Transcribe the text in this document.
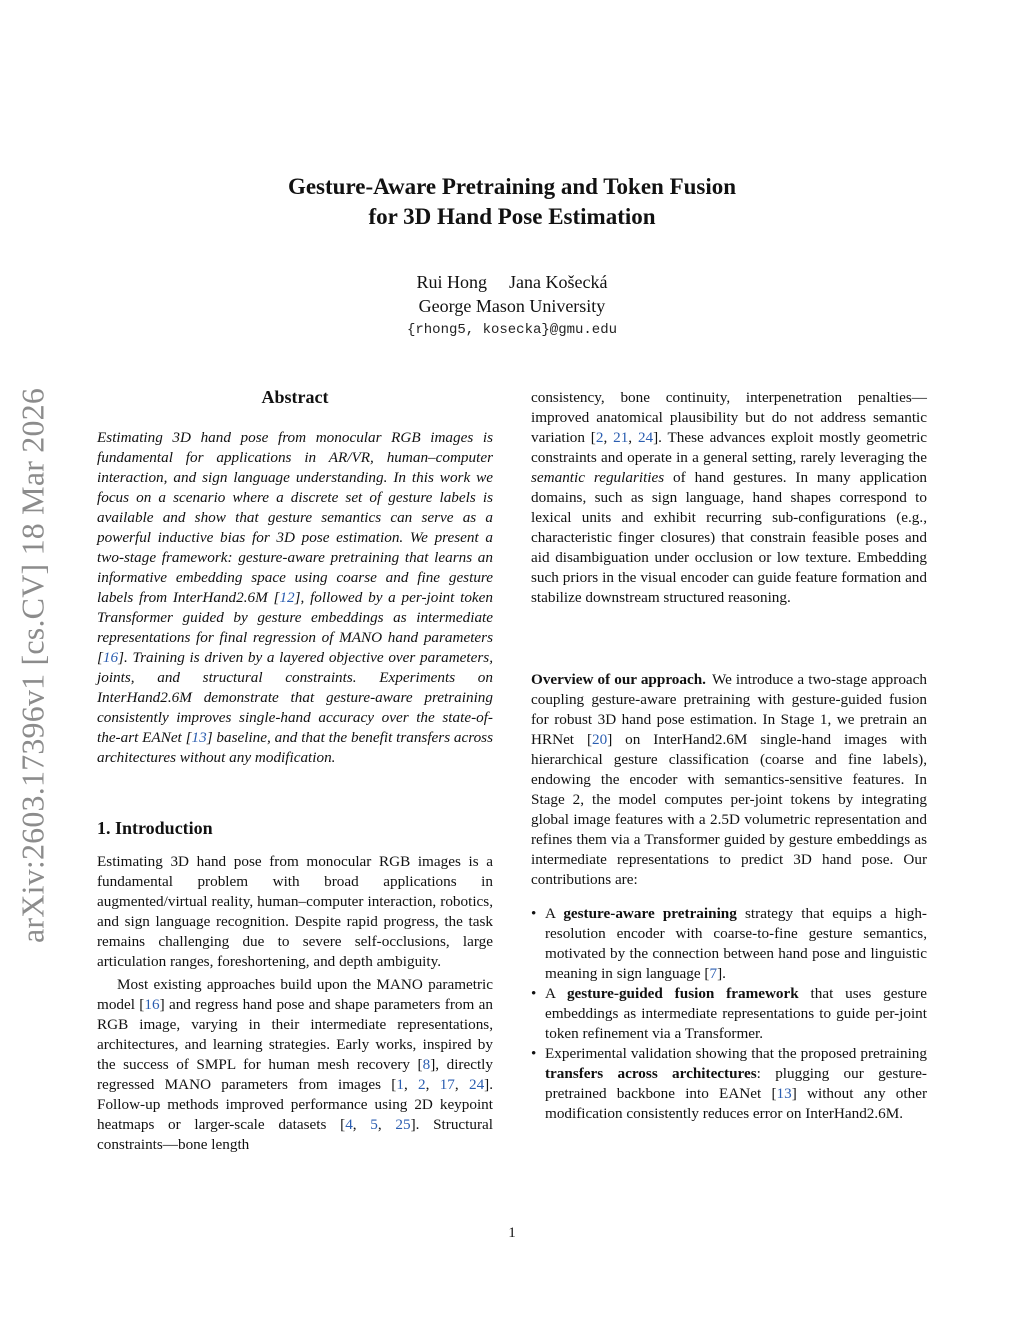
arXiv:2603.17396v1 [cs.CV] 18 Mar 2026
Gesture-Aware Pretraining and Token Fusion
for 3D Hand Pose Estimation
Rui Hong Jana Košecká
George Mason University
{rhong5, kosecka}@gmu.edu
Abstract

Estimating 3D hand pose from monocular RGB images is fundamental for applications in AR/VR, human–computer interaction, and sign language understanding. In this work we focus on a scenario where a discrete set of gesture labels is available and show that gesture semantics can serve as a powerful inductive bias for 3D pose estimation. We present a two-stage framework: gesture-aware pretraining that learns an informative embedding space using coarse and fine gesture labels from InterHand2.6M [12], followed by a per-joint token Transformer guided by gesture embeddings as intermediate representations for final regression of MANO hand parameters [16]. Training is driven by a layered objective over parameters, joints, and structural constraints. Experiments on InterHand2.6M demonstrate that gesture-aware pretraining consistently improves single-hand accuracy over the state-of-the-art EANet [13] baseline, and that the benefit transfers across architectures without any modification.

1. Introduction

Estimating 3D hand pose from monocular RGB images is a fundamental problem with broad applications in augmented/virtual reality, human–computer interaction, robotics, and sign language recognition. Despite rapid progress, the task remains challenging due to severe self-occlusions, large articulation ranges, foreshortening, and depth ambiguity.

Most existing approaches build upon the MANO parametric model [16] and regress hand pose and shape parameters from an RGB image, varying in their intermediate representations, architectures, and learning strategies. Early works, inspired by the success of SMPL for human mesh recovery [8], directly regressed MANO parameters from images [1, 2, 17, 24]. Follow-up methods improved performance using 2D keypoint heatmaps or larger-scale datasets [4, 5, 25]. Structural constraints—bone length

consistency, bone continuity, interpenetration penalties—improved anatomical plausibility but do not address semantic variation [2, 21, 24]. These advances exploit mostly geometric constraints and operate in a general setting, rarely leveraging the semantic regularities of hand gestures. In many application domains, such as sign language, hand shapes correspond to lexical units and exhibit recurring sub-configurations (e.g., characteristic finger closures) that constrain feasible poses and aid disambiguation under occlusion or low texture. Embedding such priors in the visual encoder can guide feature formation and stabilize downstream structured reasoning.

Overview of our approach. We introduce a two-stage approach coupling gesture-aware pretraining with gesture-guided fusion for robust 3D hand pose estimation. In Stage 1, we pretrain an HRNet [20] on InterHand2.6M single-hand images with hierarchical gesture classification (coarse and fine labels), endowing the encoder with semantics-sensitive features. In Stage 2, the model computes per-joint tokens by integrating global image features with a 2.5D volumetric representation and refines them via a Transformer guided by gesture embeddings as intermediate representations to predict 3D hand pose. Our contributions are:

• A gesture-aware pretraining strategy that equips a high-resolution encoder with coarse-to-fine gesture semantics, motivated by the connection between hand pose and linguistic meaning in sign language [7].
• A gesture-guided fusion framework that uses gesture embeddings as intermediate representations to guide per-joint token refinement via a Transformer.
• Experimental validation showing that the proposed pretraining transfers across architectures: plugging our gesture-pretrained backbone into EANet [13] without any other modification consistently reduces error on InterHand2.6M.
1
